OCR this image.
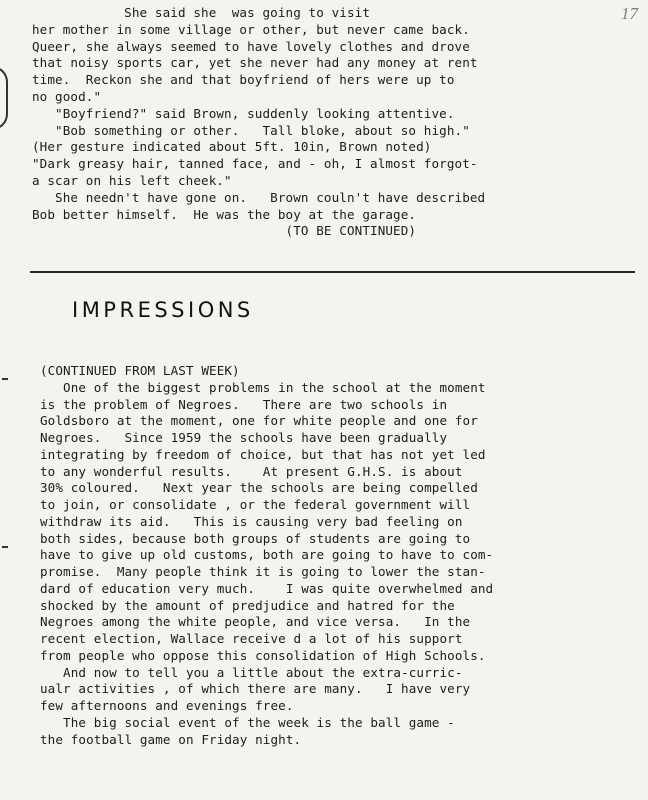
17
She said she  was going to visit
her mother in some village or other, but never came back.
Queer, she always seemed to have lovely clothes and drove
that noisy sports car, yet she never had any money at rent
time.  Reckon she and that boyfriend of hers were up to
no good."
"Boyfriend?" said Brown, suddenly looking attentive.
"Bob something or other.   Tall bloke, about so high."
(Her gesture indicated about 5ft. 10in, Brown noted)
"Dark greasy hair, tanned face, and - oh, I almost forgot-
a scar on his left cheek."
She needn't have gone on.   Brown couln't have described
Bob better himself.  He was the boy at the garage.
(TO BE CONTINUED)
IMPRESSIONS
(CONTINUED FROM LAST WEEK)
One of the biggest problems in the school at the moment
is the problem of Negroes.   There are two schools in
Goldsboro at the moment, one for white people and one for
Negroes.   Since 1959 the schools have been gradually
integrating by freedom of choice, but that has not yet led
to any wonderful results.    At present G.H.S. is about
30% coloured.   Next year the schools are being compelled
to join, or consolidate , or the federal government will
withdraw its aid.   This is causing very bad feeling on
both sides, because both groups of students are going to
have to give up old customs, both are going to have to com-
promise.  Many people think it is going to lower the stan-
dard of education very much.    I was quite overwhelmed and
shocked by the amount of predjudice and hatred for the
Negroes among the white people, and vice versa.   In the
recent election, Wallace receive d a lot of his support
from people who oppose this consolidation of High Schools.
And now to tell you a little about the extra-curric-
ualr activities , of which there are many.   I have very
few afternoons and evenings free.
The big social event of the week is the ball game -
the football game on Friday night.
